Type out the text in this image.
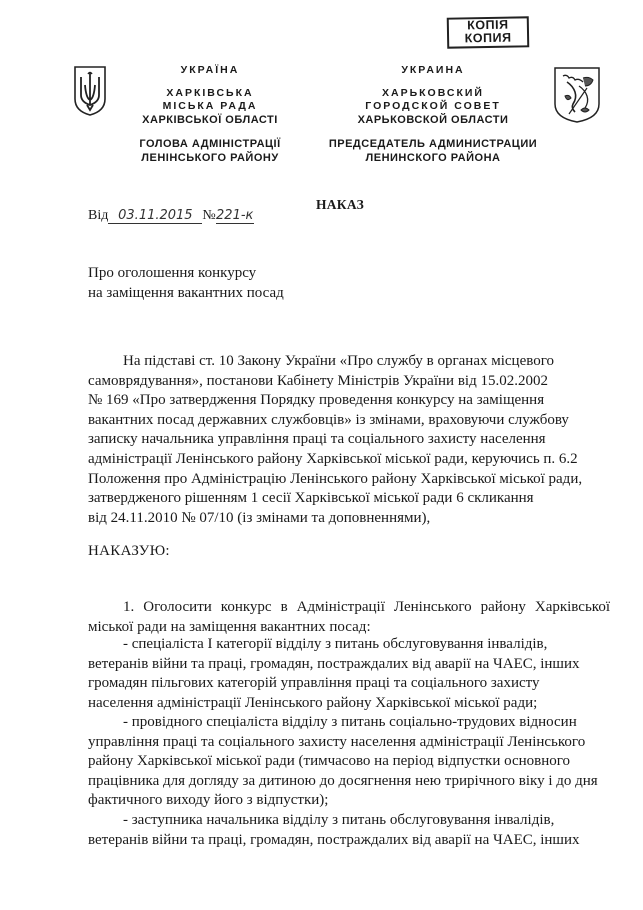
КОПІЯ
КОПИЯ
УКРАЇНА
ХАРКІВСЬКА
МІСЬКА РАДА
ХАРКІВСЬКОЇ ОБЛАСТІ
ГОЛОВА АДМІНІСТРАЦІЇ
ЛЕНІНСЬКОГО РАЙОНУ
УКРАИНА
ХАРЬКОВСКИЙ
ГОРОДСКОЙ СОВЕТ
ХАРЬКОВСКОЙ ОБЛАСТИ
ПРЕДСЕДАТЕЛЬ АДМИНИСТРАЦИИ
ЛЕНИНСКОГО РАЙОНА
НАКАЗ
Від 03.11.2015 №221-к
Про оголошення конкурсу
на заміщення вакантних посад
На підставі ст. 10 Закону України «Про службу в органах місцевого
самоврядування», постанови Кабінету Міністрів України від 15.02.2002
№ 169 «Про затвердження Порядку проведення конкурсу на заміщення
вакантних посад державних службовців» із змінами, враховуючи службову
записку начальника управління праці та соціального захисту населення
адміністрації Ленінського району Харківської міської ради, керуючись п. 6.2
Положення про Адміністрацію Ленінського району Харківської міської ради,
затвердженого рішенням 1 сесії Харківської міської ради 6 скликання
від 24.11.2010 № 07/10 (із змінами та доповненнями),
НАКАЗУЮ:
1. Оголосити конкурс в Адміністрації Ленінського району Харківської міської ради на заміщення вакантних посад:
- спеціаліста I категорії відділу з питань обслуговування інвалідів,
ветеранів війни та праці, громадян, постраждалих від аварії на ЧАЕС, інших
громадян пільгових категорій управління праці та соціального захисту
населення адміністрації Ленінського району Харківської міської ради;
- провідного спеціаліста відділу з питань соціально-трудових відносин
управління праці та соціального захисту населення адміністрації Ленінського
району Харківської міської ради (тимчасово на період відпустки основного
працівника для догляду за дитиною до досягнення нею трирічного віку і до дня
фактичного виходу його з відпустки);
- заступника начальника відділу з питань обслуговування інвалідів,
ветеранів війни та праці, громадян, постраждалих від аварії на ЧАЕС, інших
